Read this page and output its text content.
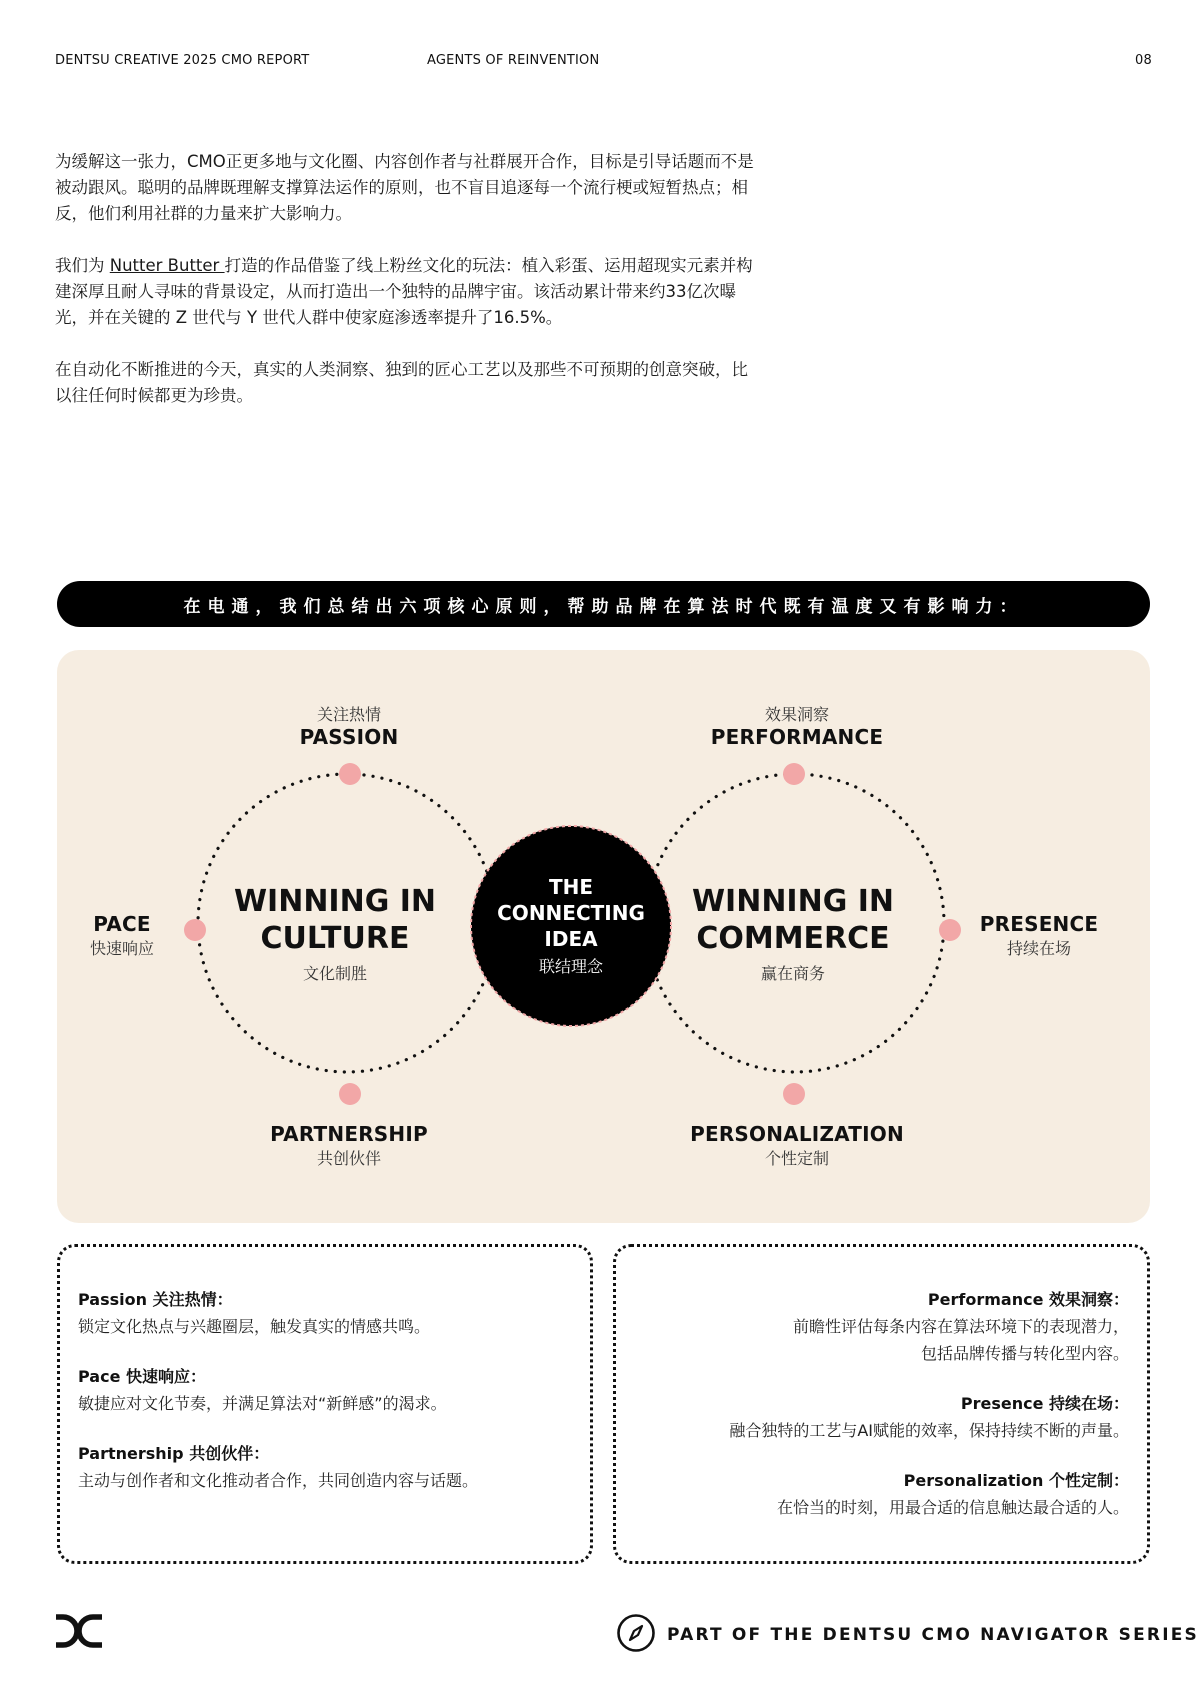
DENTSU CREATIVE 2025 CMO REPORT	AGENTS OF REINVENTION	08
为缓解这一张力，CMO正更多地与文化圈、内容创作者与社群展开合作，目标是引导话题而不是被动跟风。聪明的品牌既理解支撑算法运作的原则，也不盲目追逐每一个流行梗或短暂热点；相反，他们利用社群的力量来扩大影响力。
我们为 Nutter Butter 打造的作品借鉴了线上粉丝文化的玩法：植入彩蛋、运用超现实元素并构建深厚且耐人寻味的背景设定，从而打造出一个独特的品牌宇宙。该活动累计带来约33亿次曝光，并在关键的 Z 世代与 Y 世代人群中使家庭渗透率提升了16.5%。
在自动化不断推进的今天，真实的人类洞察、独到的匠心工艺以及那些不可预期的创意突破，比以往任何时候都更为珍贵。
在电通，我们总结出六项核心原则，帮助品牌在算法时代既有温度又有影响力：
关注热情
PASSION
效果洞察
PERFORMANCE
PACE
快速响应
PRESENCE
持续在场
PARTNERSHIP
共创伙伴
PERSONALIZATION
个性定制
WINNING IN
CULTURE
文化制胜
WINNING IN
COMMERCE
赢在商务
THE
CONNECTING
IDEA
联结理念
Passion 关注热情：
锁定文化热点与兴趣圈层，触发真实的情感共鸣。
Pace 快速响应：
敏捷应对文化节奏，并满足算法对“新鲜感”的渴求。
Partnership 共创伙伴：
主动与创作者和文化推动者合作，共同创造内容与话题。
Performance 效果洞察：
前瞻性评估每条内容在算法环境下的表现潜力，
包括品牌传播与转化型内容。
Presence 持续在场：
融合独特的工艺与AI赋能的效率，保持持续不断的声量。
Personalization 个性定制：
在恰当的时刻，用最合适的信息触达最合适的人。
PART OF THE DENTSU CMO NAVIGATOR SERIES
